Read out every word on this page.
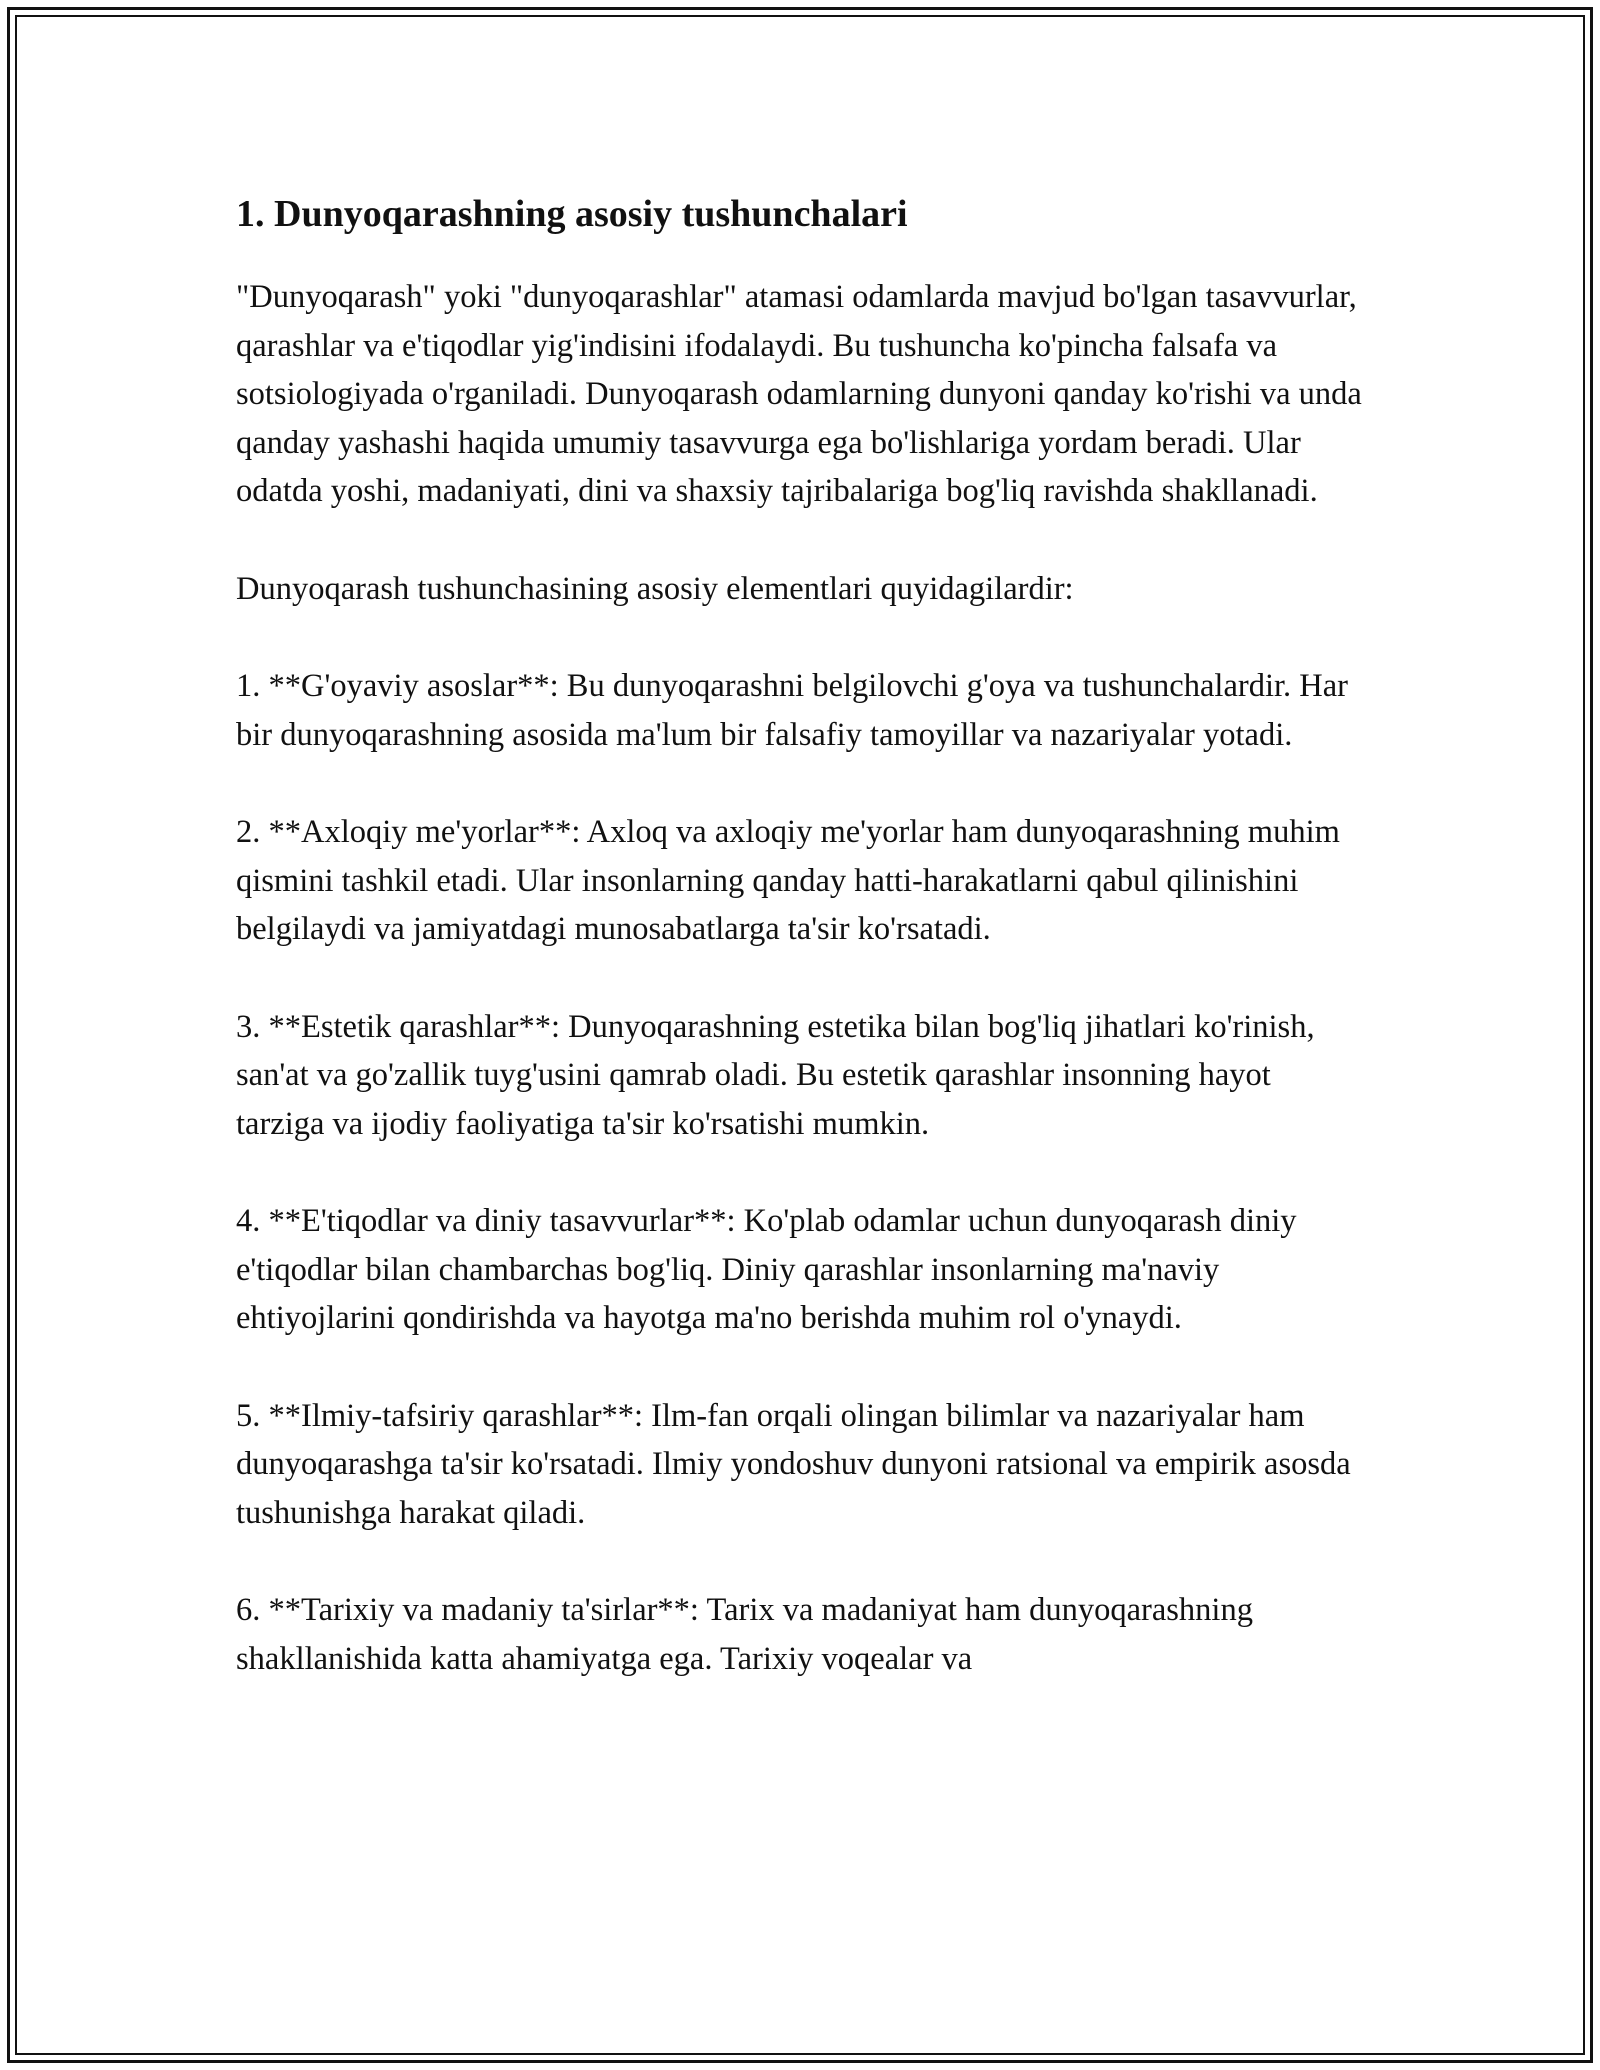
1. Dunyoqarashning asosiy tushunchalari

"Dunyoqarash" yoki "dunyoqarashlar" atamasi odamlarda mavjud bo'lgan tasavvurlar, qarashlar va e'tiqodlar yig'indisini ifodalaydi. Bu tushuncha ko'pincha falsafa va sotsiologiyada o'rganiladi. Dunyoqarash odamlarning dunyoni qanday ko'rishi va unda qanday yashashi haqida umumiy tasavvurga ega bo'lishlariga yordam beradi. Ular odatda yoshi, madaniyati, dini va shaxsiy tajribalariga bog'liq ravishda shakllanadi.

Dunyoqarash tushunchasining asosiy elementlari quyidagilardir:

1. **G'oyaviy asoslar**: Bu dunyoqarashni belgilovchi g'oya va tushunchalardir. Har bir dunyoqarashning asosida ma'lum bir falsafiy tamoyillar va nazariyalar yotadi.

2. **Axloqiy me'yorlar**: Axloq va axloqiy me'yorlar ham dunyoqarashning muhim qismini tashkil etadi. Ular insonlarning qanday hatti-harakatlarni qabul qilinishini belgilaydi va jamiyatdagi munosabatlarga ta'sir ko'rsatadi.

3. **Estetik qarashlar**: Dunyoqarashning estetika bilan bog'liq jihatlari ko'rinish, san'at va go'zallik tuyg'usini qamrab oladi. Bu estetik qarashlar insonning hayot tarziga va ijodiy faoliyatiga ta'sir ko'rsatishi mumkin.

4. **E'tiqodlar va diniy tasavvurlar**: Ko'plab odamlar uchun dunyoqarash diniy e'tiqodlar bilan chambarchas bog'liq. Diniy qarashlar insonlarning ma'naviy ehtiyojlarini qondirishda va hayotga ma'no berishda muhim rol o'ynaydi.

5. **Ilmiy-tafsiriy qarashlar**: Ilm-fan orqali olingan bilimlar va nazariyalar ham dunyoqarashga ta'sir ko'rsatadi. Ilmiy yondoshuv dunyoni ratsional va empirik asosda tushunishga harakat qiladi.

6. **Tarixiy va madaniy ta'sirlar**: Tarix va madaniyat ham dunyoqarashning shakllanishida katta ahamiyatga ega. Tarixiy voqealar va
